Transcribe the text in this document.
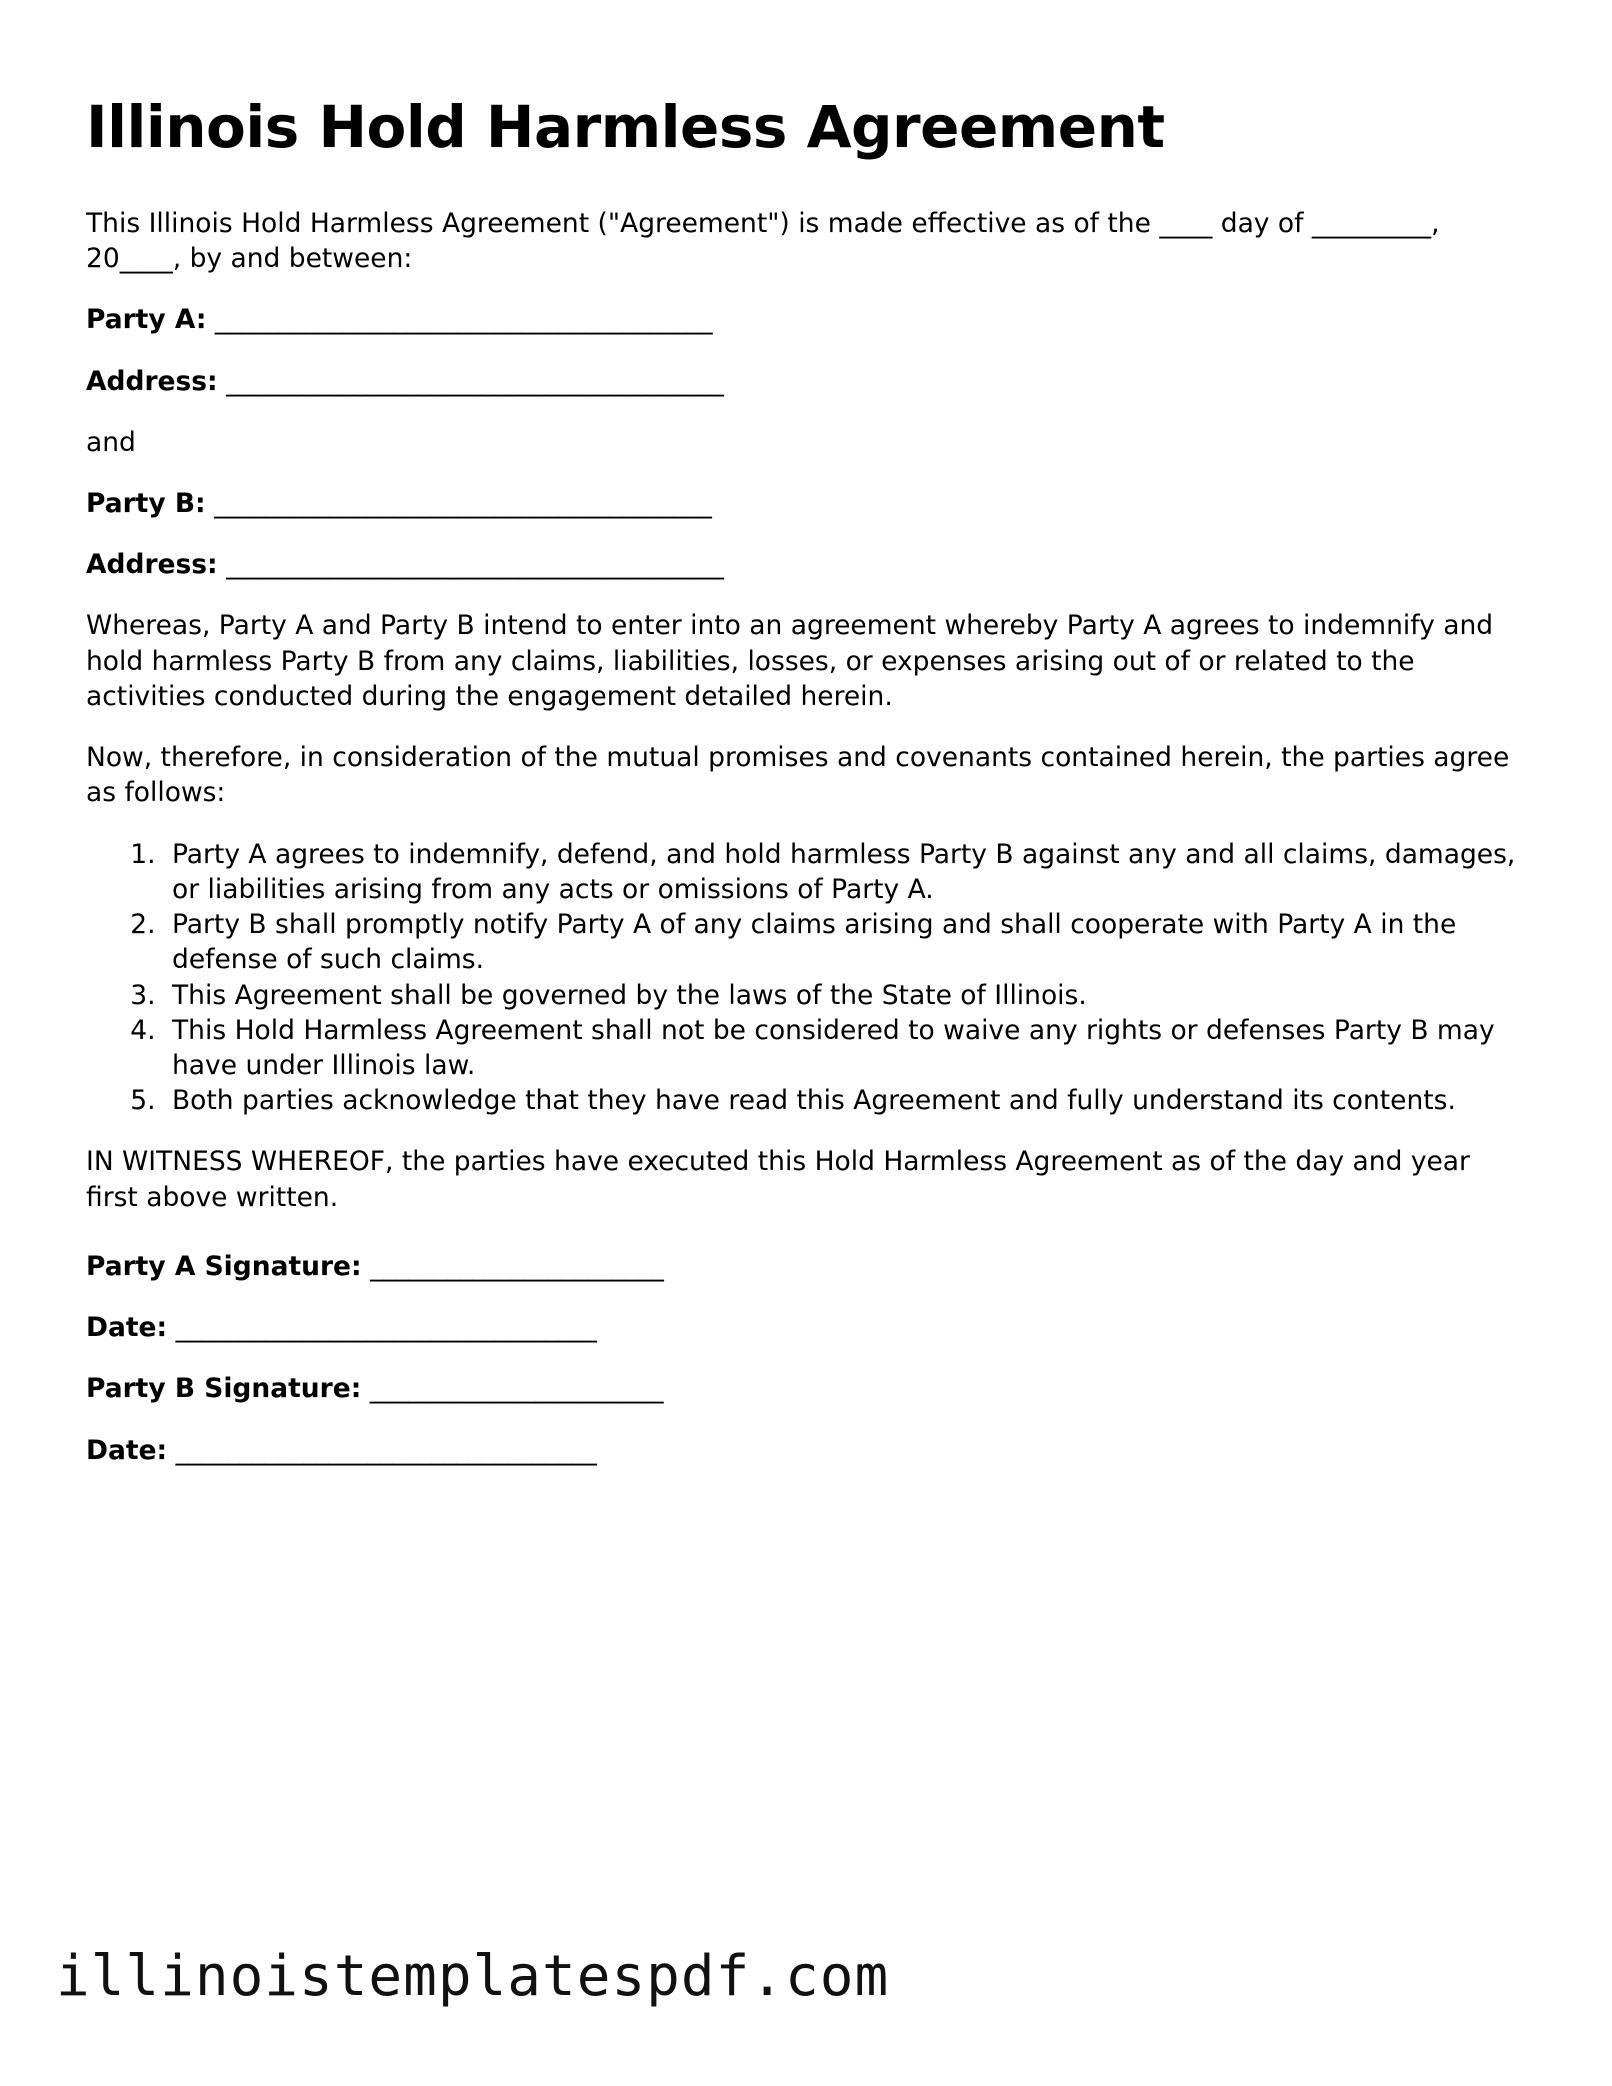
Illinois Hold Harmless Agreement

This Illinois Hold Harmless Agreement ("Agreement") is made effective as of the ____ day of _________, 20____, by and between:

Party A: _______________________________________
Address: _______________________________________
and
Party B: _______________________________________
Address: _______________________________________

Whereas, Party A and Party B intend to enter into an agreement whereby Party A agrees to indemnify and hold harmless Party B from any claims, liabilities, losses, or expenses arising out of or related to the activities conducted during the engagement detailed herein.

Now, therefore, in consideration of the mutual promises and covenants contained herein, the parties agree as follows:

1. Party A agrees to indemnify, defend, and hold harmless Party B against any and all claims, damages, or liabilities arising from any acts or omissions of Party A.
2. Party B shall promptly notify Party A of any claims arising and shall cooperate with Party A in the defense of such claims.
3. This Agreement shall be governed by the laws of the State of Illinois.
4. This Hold Harmless Agreement shall not be considered to waive any rights or defenses Party B may have under Illinois law.
5. Both parties acknowledge that they have read this Agreement and fully understand its contents.

IN WITNESS WHEREOF, the parties have executed this Hold Harmless Agreement as of the day and year first above written.

Party A Signature: _______________________
Date: _________________________________
Party B Signature: _______________________
Date: _________________________________
illinoistemplatespdf.com
